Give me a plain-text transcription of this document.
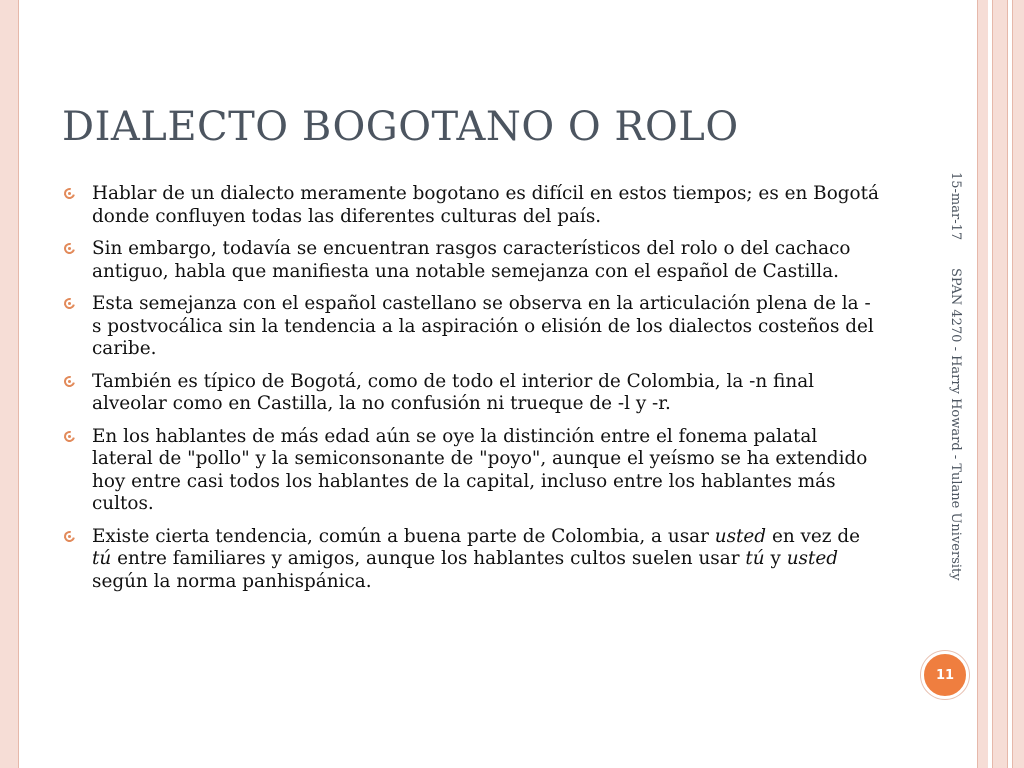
DIALECTO BOGOTANO O ROLO
Hablar de un dialecto meramente bogotano es difícil en estos tiempos; es en Bogotá donde confluyen todas las diferentes culturas del país.
Sin embargo, todavía se encuentran rasgos característicos del rolo o del cachaco antiguo, habla que manifiesta una notable semejanza con el español de Castilla.
Esta semejanza con el español castellano se observa en la articulación plena de la -s postvocálica sin la tendencia a la aspiración o elisión de los dialectos costeños del caribe.
También es típico de Bogotá, como de todo el interior de Colombia, la -n final alveolar como en Castilla, la no confusión ni trueque de -l y -r.
En los hablantes de más edad aún se oye la distinción entre el fonema palatal lateral de "pollo" y la semiconsonante de "poyo", aunque el yeísmo se ha extendido hoy entre casi todos los hablantes de la capital, incluso entre los hablantes más cultos.
Existe cierta tendencia, común a buena parte de Colombia, a usar usted en vez de tú entre familiares y amigos, aunque los hablantes cultos suelen usar tú y usted según la norma panhispánica.
15-mar-17
SPAN 4270 - Harry Howard - Tulane University
11
